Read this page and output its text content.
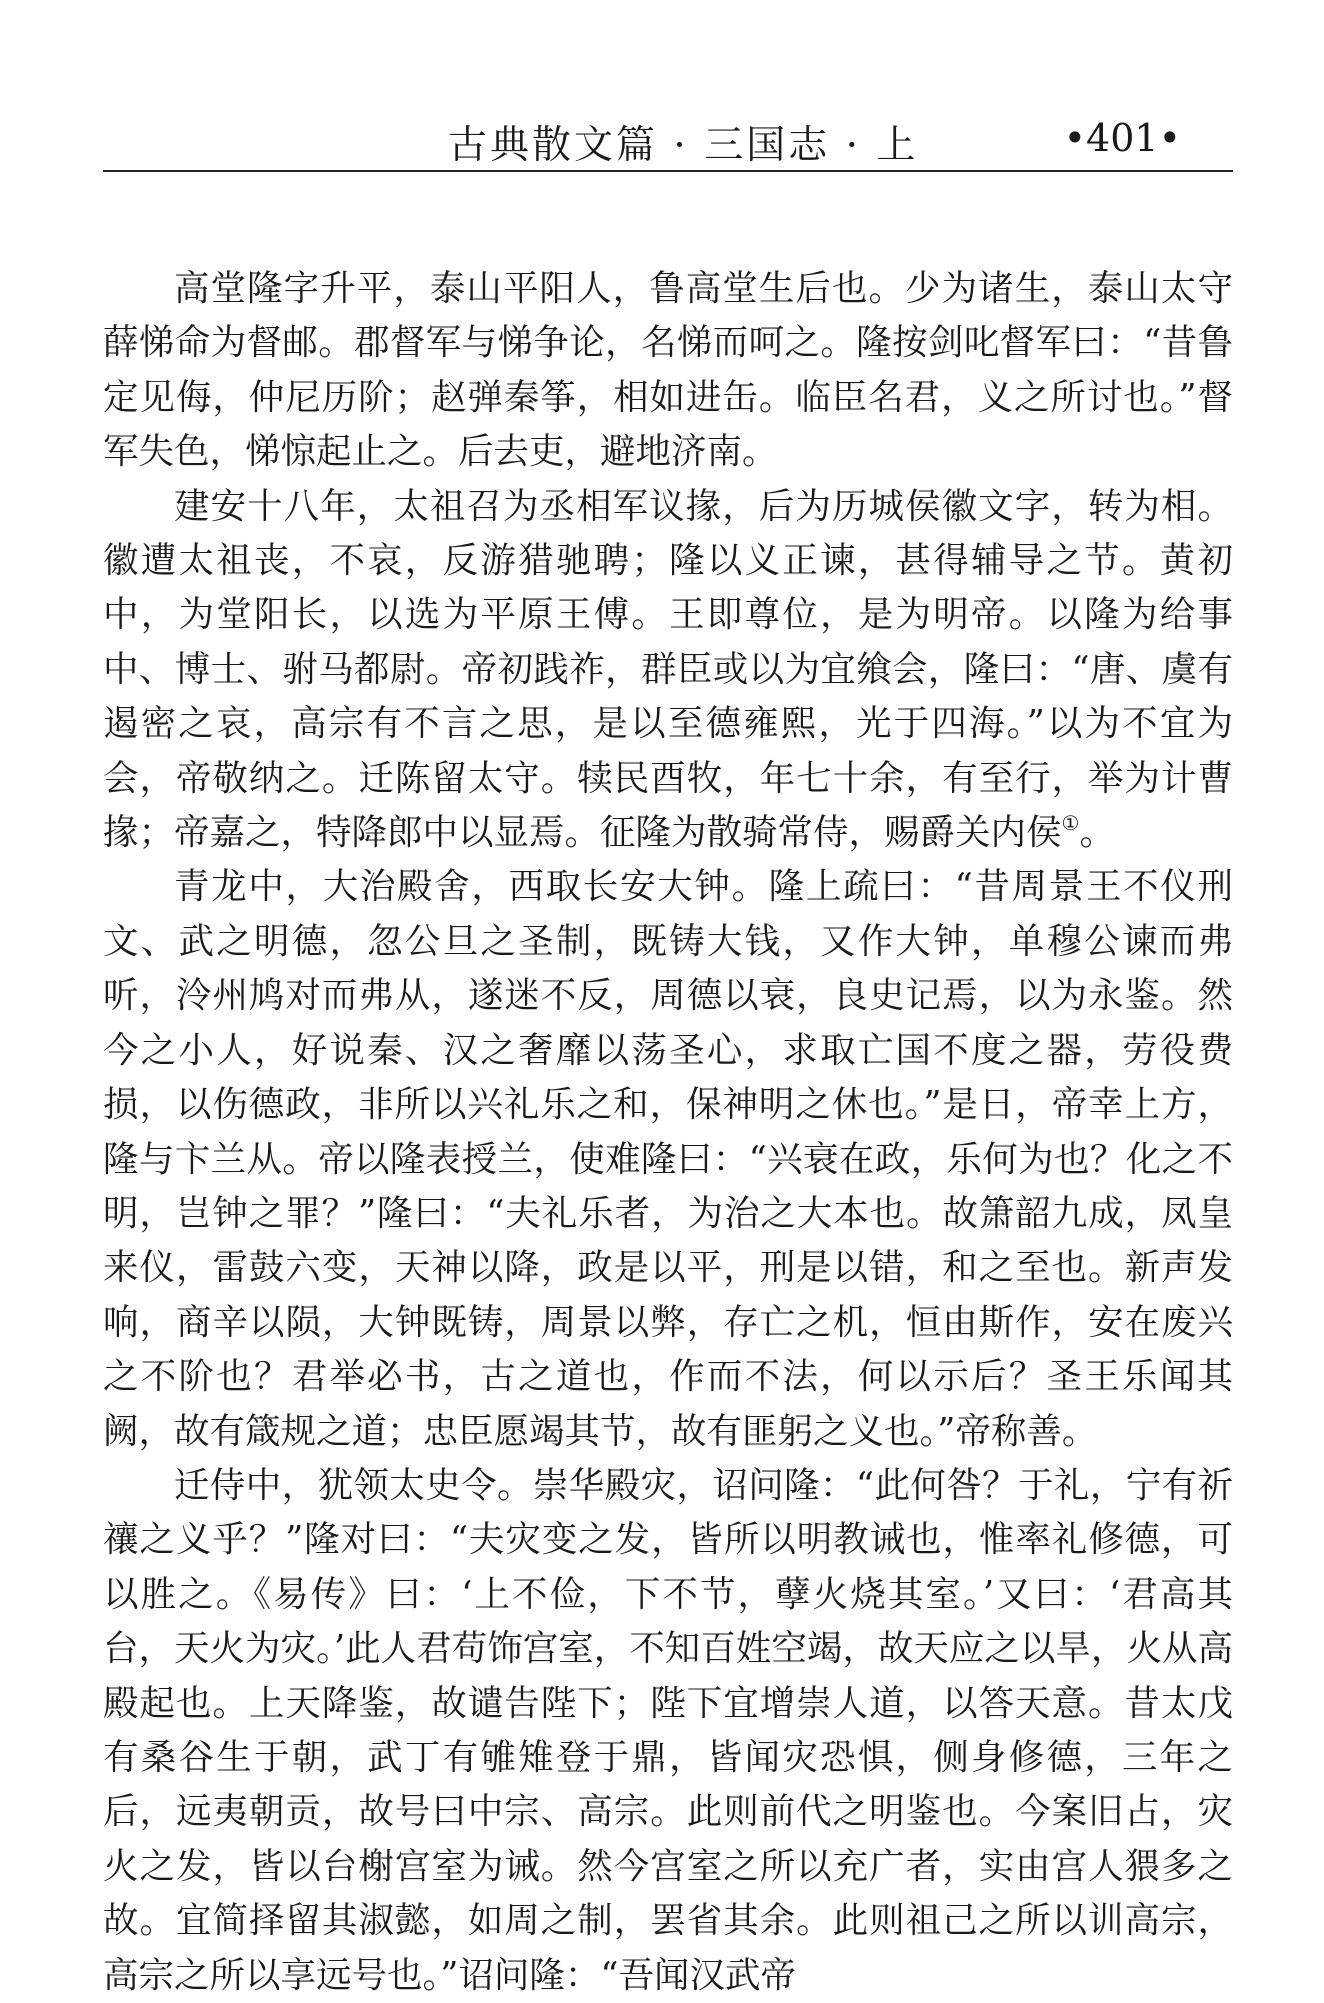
古典散文篇 · 三国志 · 上	•401•

高堂隆字升平，泰山平阳人，鲁高堂生后也。少为诸生，泰山太守薛悌命为督邮。郡督军与悌争论，名悌而呵之。隆按剑叱督军曰：“昔鲁定见侮，仲尼历阶；赵弹秦筝，相如进缶。临臣名君，义之所讨也。”督军失色，悌惊起止之。后去吏，避地济南。

建安十八年，太祖召为丞相军议掾，后为历城侯徽文字，转为相。徽遭太祖丧，不哀，反游猎驰聘；隆以义正谏，甚得辅导之节。黄初中，为堂阳长，以选为平原王傅。王即尊位，是为明帝。以隆为给事中、博士、驸马都尉。帝初践祚，群臣或以为宜飨会，隆曰：“唐、虞有遏密之哀，高宗有不言之思，是以至德雍熙，光于四海。”以为不宜为会，帝敬纳之。迁陈留太守。犊民酉牧，年七十余，有至行，举为计曹掾；帝嘉之，特降郎中以显焉。征隆为散骑常侍，赐爵关内侯①。

青龙中，大治殿舍，西取长安大钟。隆上疏曰：“昔周景王不仪刑文、武之明德，忽公旦之圣制，既铸大钱，又作大钟，单穆公谏而弗听，泠州鸠对而弗从，遂迷不反，周德以衰，良史记焉，以为永鉴。然今之小人，好说秦、汉之奢靡以荡圣心，求取亡国不度之器，劳役费损，以伤德政，非所以兴礼乐之和，保神明之休也。”是日，帝幸上方，隆与卞兰从。帝以隆表授兰，使难隆曰：“兴衰在政，乐何为也？化之不明，岂钟之罪？”隆曰：“夫礼乐者，为治之大本也。故箫韶九成，凤皇来仪，雷鼓六变，天神以降，政是以平，刑是以错，和之至也。新声发响，商辛以陨，大钟既铸，周景以弊，存亡之机，恒由斯作，安在废兴之不阶也？君举必书，古之道也，作而不法，何以示后？圣王乐闻其阙，故有箴规之道；忠臣愿竭其节，故有匪躬之义也。”帝称善。

迁侍中，犹领太史令。崇华殿灾，诏问隆：“此何咎？于礼，宁有祈禳之义乎？”隆对曰：“夫灾变之发，皆所以明教诫也，惟率礼修德，可以胜之。《易传》曰：‘上不俭，下不节，孽火烧其室。’又曰：‘君高其台，天火为灾。’此人君苟饰宫室，不知百姓空竭，故天应之以旱，火从高殿起也。上天降鉴，故谴告陛下；陛下宜增崇人道，以答天意。昔太戊有桑谷生于朝，武丁有雊雉登于鼎，皆闻灾恐惧，侧身修德，三年之后，远夷朝贡，故号曰中宗、高宗。此则前代之明鉴也。今案旧占，灾火之发，皆以台榭宫室为诫。然今宫室之所以充广者，实由宫人猥多之故。宜简择留其淑懿，如周之制，罢省其余。此则祖己之所以训高宗，高宗之所以享远号也。”诏问隆：“吾闻汉武帝
